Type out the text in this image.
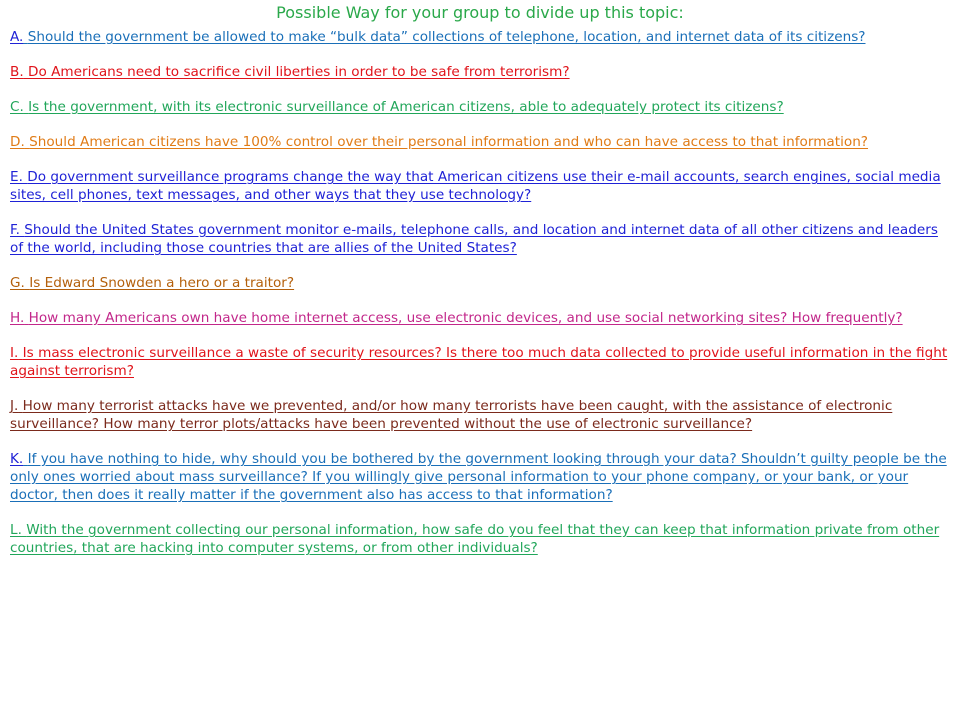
Possible Way for your group to divide up this topic:
A. Should the government be allowed to make “bulk data” collections of telephone, location, and internet data of its citizens?
B. Do Americans need to sacrifice civil liberties in order to be safe from terrorism?
C. Is the government, with its electronic surveillance of American citizens, able to adequately protect its citizens?
D. Should American citizens have 100% control over their personal information and who can have access to that information?
E. Do government surveillance programs change the way that American citizens use their e-mail accounts, search engines, social media sites, cell phones, text messages, and other ways that they use technology?
F. Should the United States government monitor e-mails, telephone calls, and location and internet data of all other citizens and leaders of the world, including those countries that are allies of the United States?
G. Is Edward Snowden a hero or a traitor?
H. How many Americans own have home internet access, use electronic devices, and use social networking sites? How frequently?
I. Is mass electronic surveillance a waste of security resources? Is there too much data collected to provide useful information in the fight against terrorism?
J. How many terrorist attacks have we prevented, and/or how many terrorists have been caught, with the assistance of electronic surveillance? How many terror plots/attacks have been prevented without the use of electronic surveillance?
K. If you have nothing to hide, why should you be bothered by the government looking through your data? Shouldn’t guilty people be the only ones worried about mass surveillance? If you willingly give personal information to your phone company, or your bank, or your doctor, then does it really matter if the government also has access to that information?
L. With the government collecting our personal information, how safe do you feel that they can keep that information private from other countries, that are hacking into computer systems, or from other individuals?
